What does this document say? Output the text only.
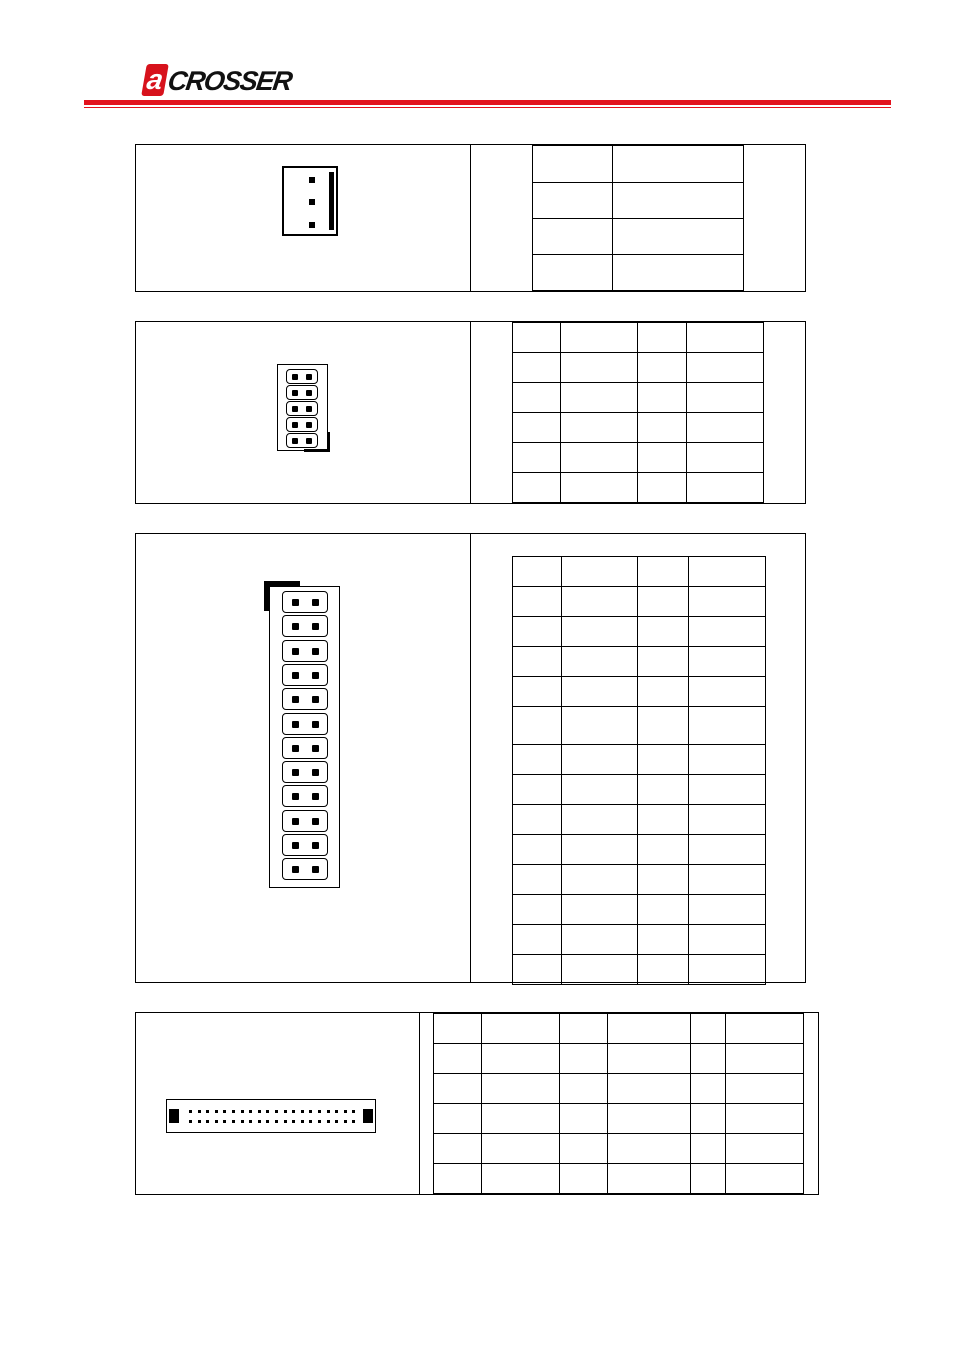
a CROSSER
